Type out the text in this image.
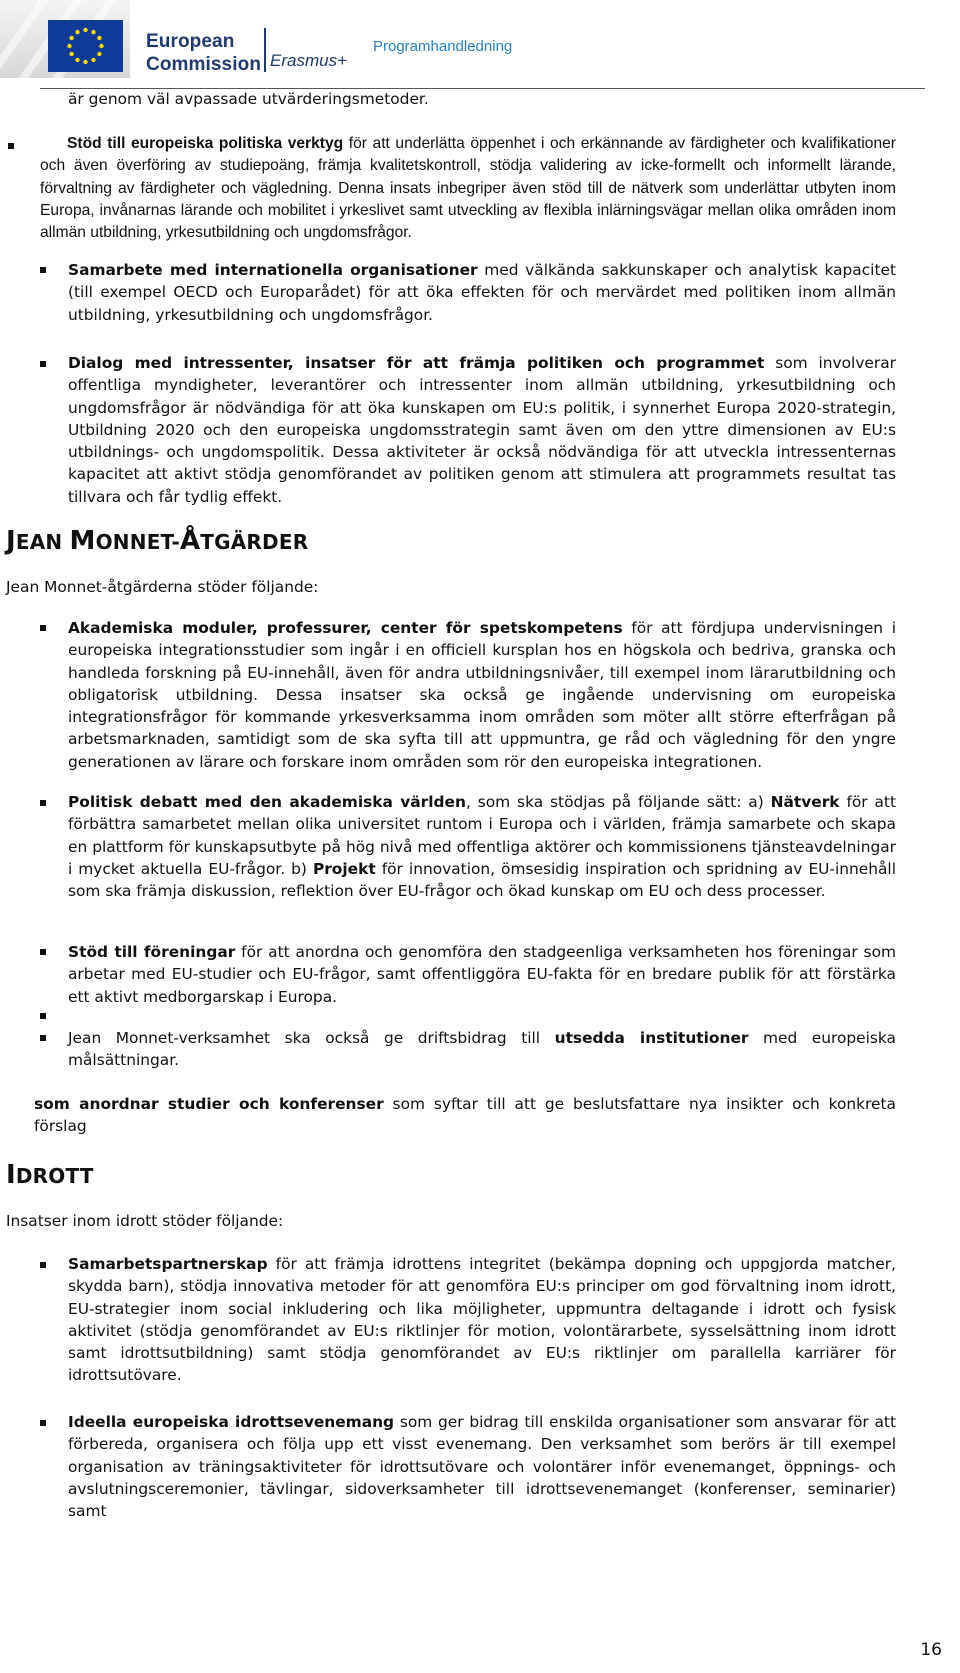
European
Commission Erasmus+
Programhandledning

är genom väl avpassade utvärderingsmetoder.

Stöd till europeiska politiska verktyg för att underlätta öppenhet i och erkännande av färdigheter och kvalifikationer och även överföring av studiepoäng, främja kvalitetskontroll, stödja validering av icke-formellt och informellt lärande, förvaltning av färdigheter och vägledning. Denna insats inbegriper även stöd till de nätverk som underlättar utbyten inom Europa, invånarnas lärande och mobilitet i yrkeslivet samt utveckling av flexibla inlärningsvägar mellan olika områden inom allmän utbildning, yrkesutbildning och ungdomsfrågor.

Samarbete med internationella organisationer med välkända sakkunskaper och analytisk kapacitet (till exempel OECD och Europarådet) för att öka effekten för och mervärdet med politiken inom allmän utbildning, yrkesutbildning och ungdomsfrågor.

Dialog med intressenter, insatser för att främja politiken och programmet som involverar offentliga myndigheter, leverantörer och intressenter inom allmän utbildning, yrkesutbildning och ungdomsfrågor är nödvändiga för att öka kunskapen om EU:s politik, i synnerhet Europa 2020-strategin, Utbildning 2020 och den europeiska ungdomsstrategin samt även om den yttre dimensionen av EU:s utbildnings- och ungdomspolitik. Dessa aktiviteter är också nödvändiga för att utveckla intressenternas kapacitet att aktivt stödja genomförandet av politiken genom att stimulera att programmets resultat tas tillvara och får tydlig effekt.

JEAN MONNET-ÅTGÄRDER

Jean Monnet-åtgärderna stöder följande:

Akademiska moduler, professurer, center för spetskompetens för att fördjupa undervisningen i europeiska integrationsstudier som ingår i en officiell kursplan hos en högskola och bedriva, granska och handleda forskning på EU-innehåll, även för andra utbildningsnivåer, till exempel inom lärarutbildning och obligatorisk utbildning. Dessa insatser ska också ge ingående undervisning om europeiska integrationsfrågor för kommande yrkesverksamma inom områden som möter allt större efterfrågan på arbetsmarknaden, samtidigt som de ska syfta till att uppmuntra, ge råd och vägledning för den yngre generationen av lärare och forskare inom områden som rör den europeiska integrationen.

Politisk debatt med den akademiska världen, som ska stödjas på följande sätt: a) Nätverk för att förbättra samarbetet mellan olika universitet runtom i Europa och i världen, främja samarbete och skapa en plattform för kunskapsutbyte på hög nivå med offentliga aktörer och kommissionens tjänsteavdelningar i mycket aktuella EU-frågor. b) Projekt för innovation, ömsesidig inspiration och spridning av EU-innehåll som ska främja diskussion, reflektion över EU-frågor och ökad kunskap om EU och dess processer.

Stöd till föreningar för att anordna och genomföra den stadgeenliga verksamheten hos föreningar som arbetar med EU-studier och EU-frågor, samt offentliggöra EU-fakta för en bredare publik för att förstärka ett aktivt medborgarskap i Europa.

Jean Monnet-verksamhet ska också ge driftsbidrag till utsedda institutioner med europeiska målsättningar.

som anordnar studier och konferenser som syftar till att ge beslutsfattare nya insikter och konkreta förslag

IDROTT

Insatser inom idrott stöder följande:

Samarbetspartnerskap för att främja idrottens integritet (bekämpa dopning och uppgjorda matcher, skydda barn), stödja innovativa metoder för att genomföra EU:s principer om god förvaltning inom idrott, EU-strategier inom social inkludering och lika möjligheter, uppmuntra deltagande i idrott och fysisk aktivitet (stödja genomförandet av EU:s riktlinjer för motion, volontärarbete, sysselsättning inom idrott samt idrottsutbildning) samt stödja genomförandet av EU:s riktlinjer om parallella karriärer för idrottsutövare.

Ideella europeiska idrottsevenemang som ger bidrag till enskilda organisationer som ansvarar för att förbereda, organisera och följa upp ett visst evenemang. Den verksamhet som berörs är till exempel organisation av träningsaktiviteter för idrottsutövare och volontärer inför evenemanget, öppnings- och avslutningsceremonier, tävlingar, sidoverksamheter till idrottsevenemanget (konferenser, seminarier) samt

16
